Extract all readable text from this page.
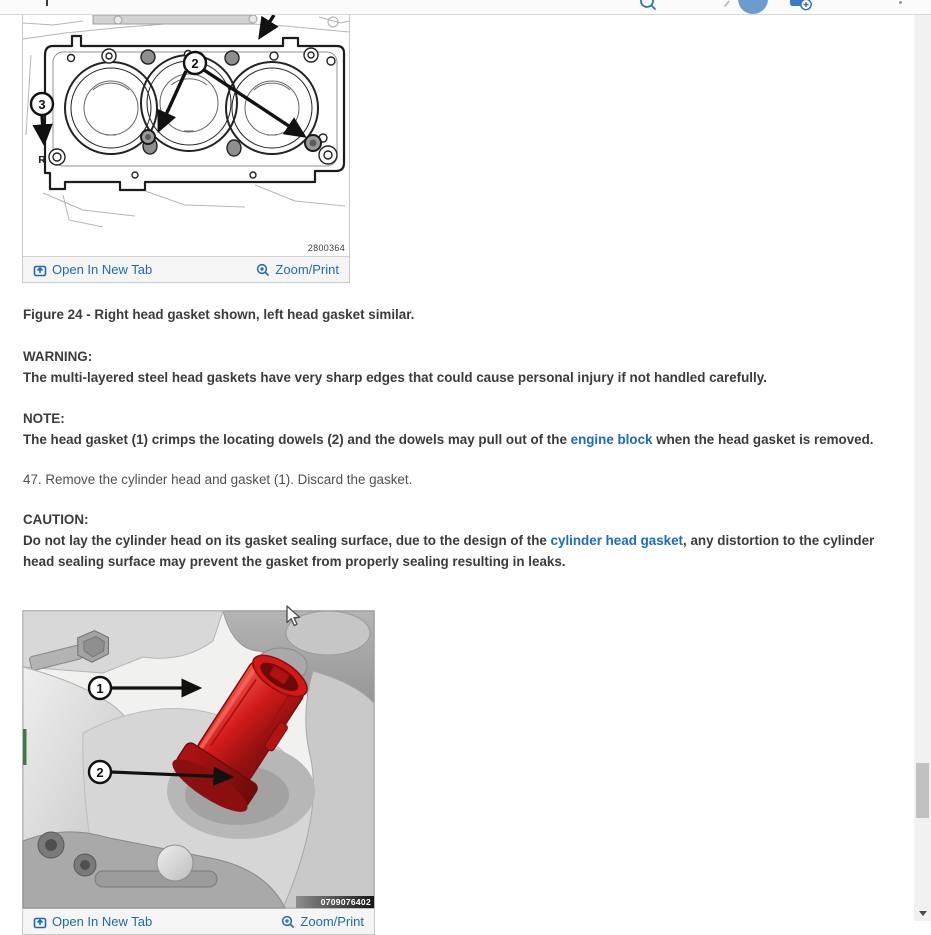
2
3
R
2800364
Open In New Tab	Zoom/Print
Figure 24 - Right head gasket shown, left head gasket similar.
WARNING:
The multi-layered steel head gaskets have very sharp edges that could cause personal injury if not handled carefully.
NOTE:
The head gasket (1) crimps the locating dowels (2) and the dowels may pull out of the engine block when the head gasket is removed.
47. Remove the cylinder head and gasket (1). Discard the gasket.
CAUTION:
Do not lay the cylinder head on its gasket sealing surface, due to the design of the cylinder head gasket, any distortion to the cylinder head sealing surface may prevent the gasket from properly sealing resulting in leaks.
1
2
0709076402
Open In New Tab	Zoom/Print
